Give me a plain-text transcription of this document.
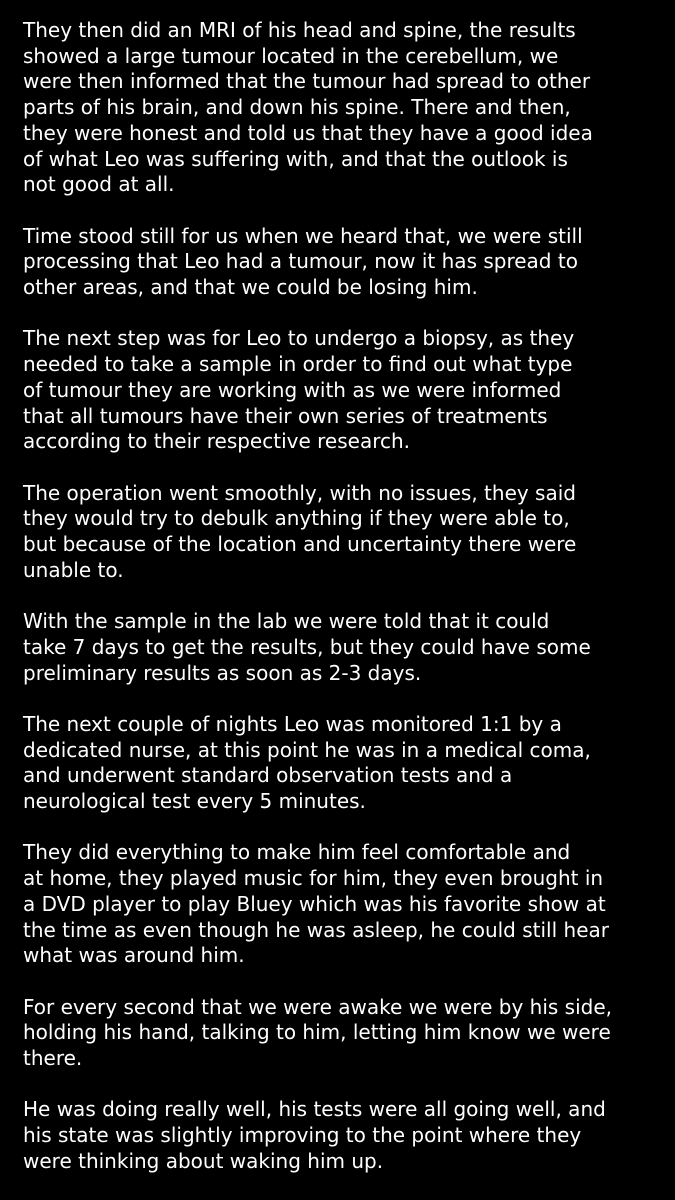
They then did an MRI of his head and spine, the results
showed a large tumour located in the cerebellum, we
were then informed that the tumour had spread to other
parts of his brain, and down his spine. There and then,
they were honest and told us that they have a good idea
of what Leo was suffering with, and that the outlook is
not good at all.

Time stood still for us when we heard that, we were still
processing that Leo had a tumour, now it has spread to
other areas, and that we could be losing him.

The next step was for Leo to undergo a biopsy, as they
needed to take a sample in order to find out what type
of tumour they are working with as we were informed
that all tumours have their own series of treatments
according to their respective research.

The operation went smoothly, with no issues, they said
they would try to debulk anything if they were able to,
but because of the location and uncertainty there were
unable to.

With the sample in the lab we were told that it could
take 7 days to get the results, but they could have some
preliminary results as soon as 2-3 days.

The next couple of nights Leo was monitored 1:1 by a
dedicated nurse, at this point he was in a medical coma,
and underwent standard observation tests and a
neurological test every 5 minutes.

They did everything to make him feel comfortable and
at home, they played music for him, they even brought in
a DVD player to play Bluey which was his favorite show at
the time as even though he was asleep, he could still hear
what was around him.

For every second that we were awake we were by his side,
holding his hand, talking to him, letting him know we were
there.

He was doing really well, his tests were all going well, and
his state was slightly improving to the point where they
were thinking about waking him up.
